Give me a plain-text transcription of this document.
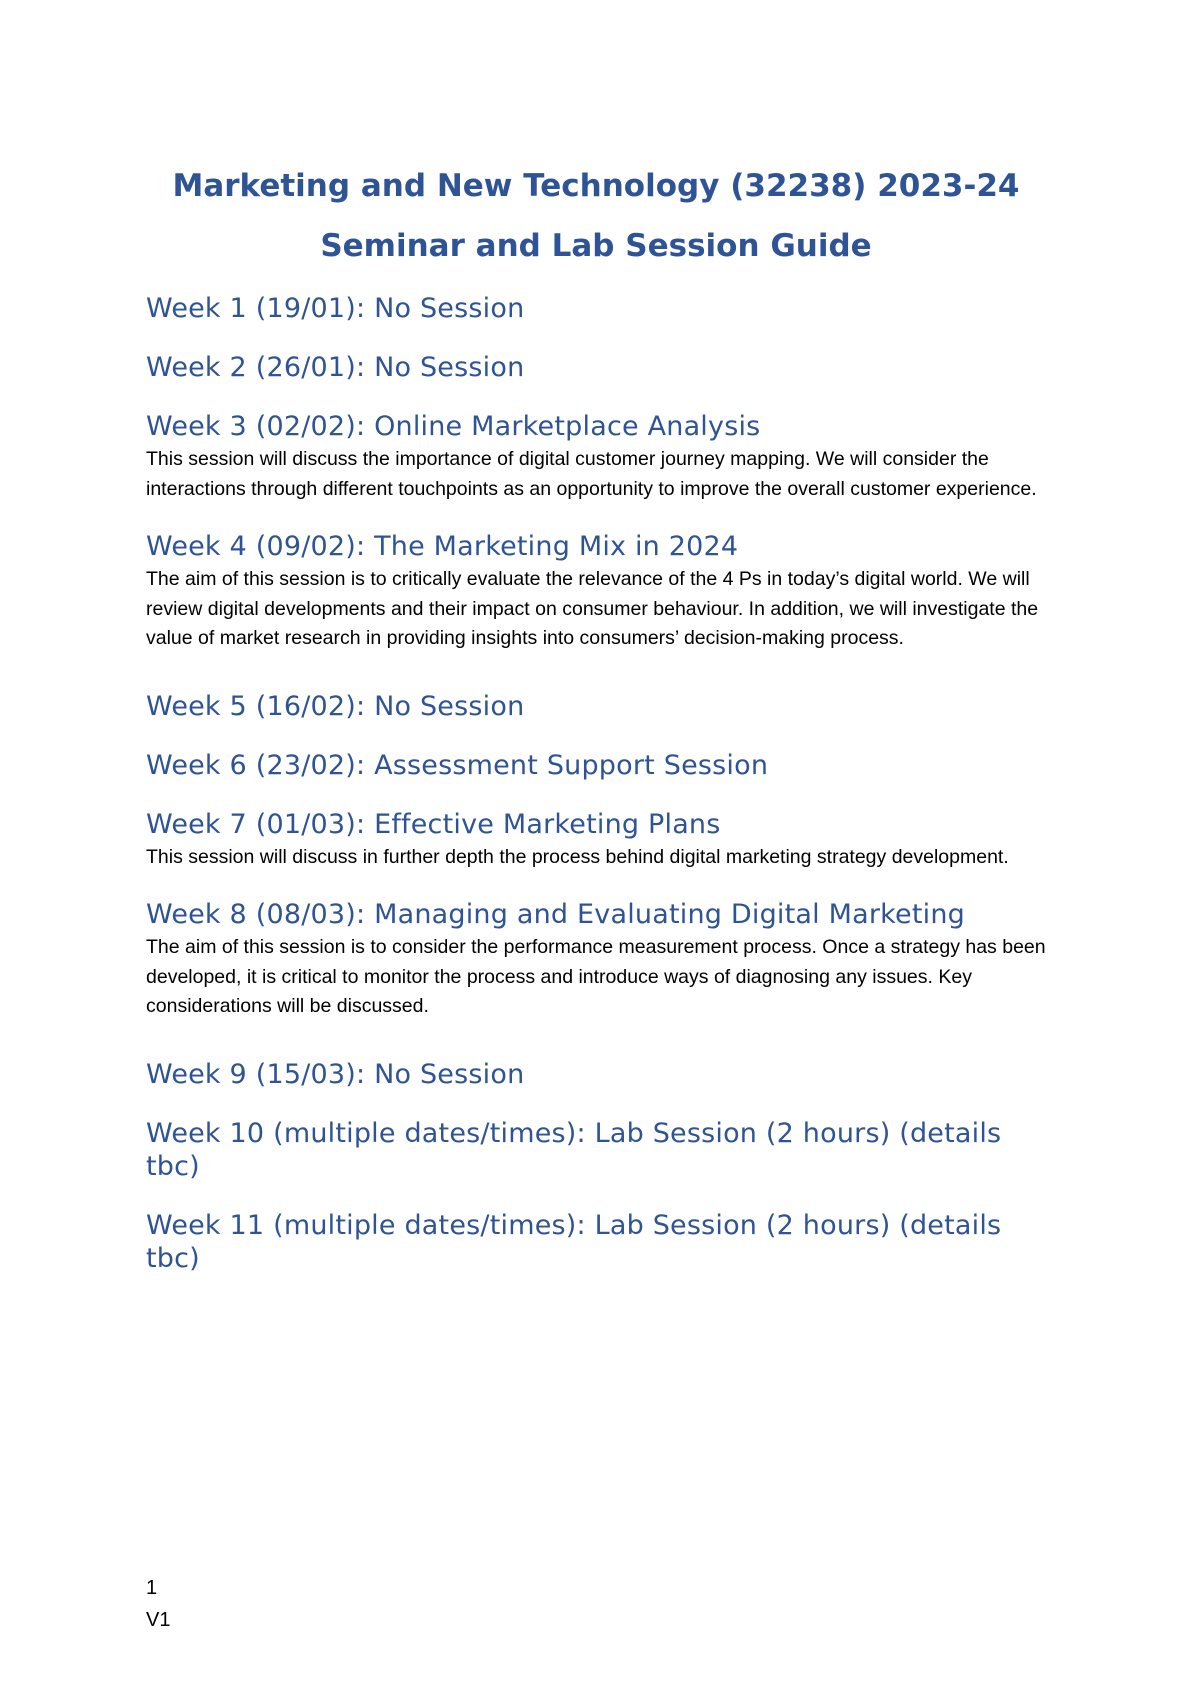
Marketing and New Technology (32238) 2023-24
Seminar and Lab Session Guide
Week 1 (19/01): No Session
Week 2 (26/01): No Session
Week 3 (02/02): Online Marketplace Analysis

This session will discuss the importance of digital customer journey mapping. We will consider the interactions through different touchpoints as an opportunity to improve the overall customer experience.

Week 4 (09/02): The Marketing Mix in 2024

The aim of this session is to critically evaluate the relevance of the 4 Ps in today’s digital world. We will review digital developments and their impact on consumer behaviour. In addition, we will investigate the value of market research in providing insights into consumers’ decision-making process.

Week 5 (16/02): No Session
Week 6 (23/02): Assessment Support Session
Week 7 (01/03): Effective Marketing Plans

This session will discuss in further depth the process behind digital marketing strategy development.

Week 8 (08/03): Managing and Evaluating Digital Marketing

The aim of this session is to consider the performance measurement process. Once a strategy has been developed, it is critical to monitor the process and introduce ways of diagnosing any issues. Key considerations will be discussed.

Week 9 (15/03): No Session
Week 10 (multiple dates/times): Lab Session (2 hours) (details tbc)
Week 11 (multiple dates/times): Lab Session (2 hours) (details tbc)
1
V1
